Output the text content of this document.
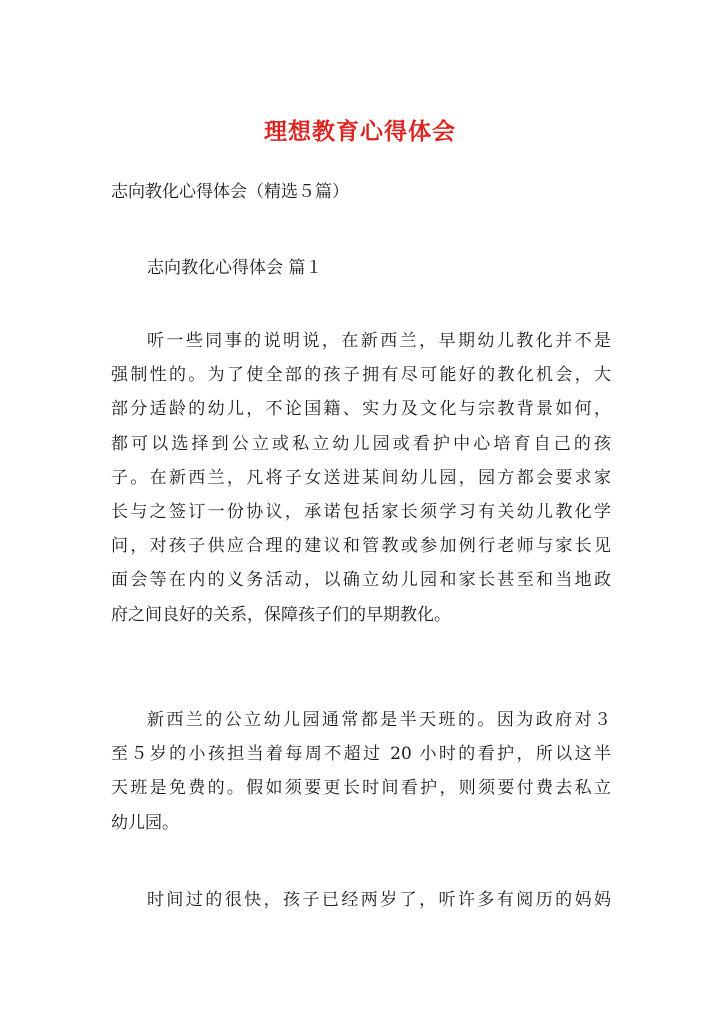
理想教育心得体会
志向教化心得体会（精选５篇）
志向教化心得体会 篇１
听一些同事的说明说，在新西兰，早期幼儿教化并不是
强制性的。为了使全部的孩子拥有尽可能好的教化机会，大
部分适龄的幼儿，不论国籍、实力及文化与宗教背景如何，
都可以选择到公立或私立幼儿园或看护中心培育自己的孩
子。在新西兰，凡将子女送进某间幼儿园，园方都会要求家
长与之签订一份协议，承诺包括家长须学习有关幼儿教化学
问，对孩子供应合理的建议和管教或参加例行老师与家长见
面会等在内的义务活动，以确立幼儿园和家长甚至和当地政
府之间良好的关系，保障孩子们的早期教化。
新西兰的公立幼儿园通常都是半天班的。因为政府对３
至５岁的小孩担当着每周不超过 20 小时的看护，所以这半
天班是免费的。假如须要更长时间看护，则须要付费去私立
幼儿园。
时间过的很快，孩子已经两岁了，听许多有阅历的妈妈
